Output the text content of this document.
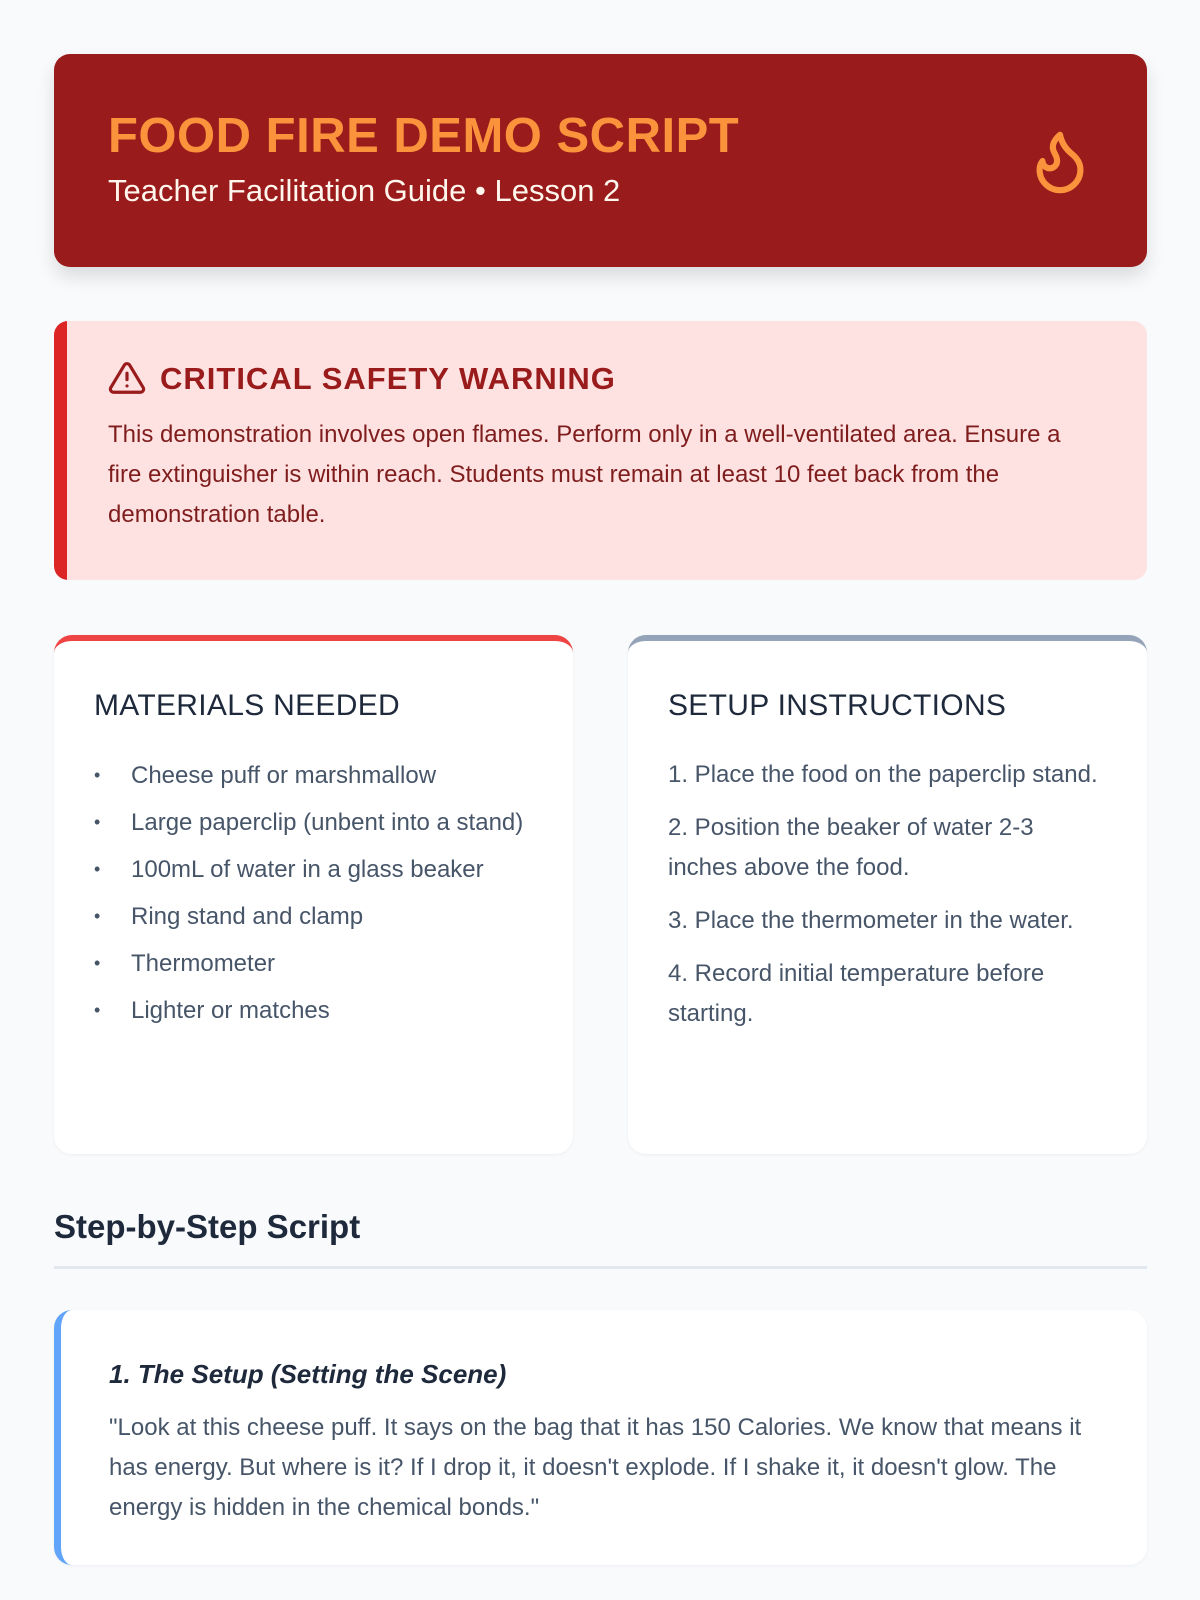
FOOD FIRE DEMO SCRIPT
Teacher Facilitation Guide • Lesson 2
CRITICAL SAFETY WARNING

This demonstration involves open flames. Perform only in a well-ventilated area. Ensure a fire extinguisher is within reach. Students must remain at least 10 feet back from the demonstration table.

MATERIALS NEEDED
• Cheese puff or marshmallow
• Large paperclip (unbent into a stand)
• 100mL of water in a glass beaker
• Ring stand and clamp
• Thermometer
• Lighter or matches
SETUP INSTRUCTIONS
1. Place the food on the paperclip stand.
2. Position the beaker of water 2-3 inches above the food.
3. Place the thermometer in the water.
4. Record initial temperature before starting.
Step-by-Step Script
1. The Setup (Setting the Scene)

"Look at this cheese puff. It says on the bag that it has 150 Calories. We know that means it has energy. But where is it? If I drop it, it doesn't explode. If I shake it, it doesn't glow. The energy is hidden in the chemical bonds."
